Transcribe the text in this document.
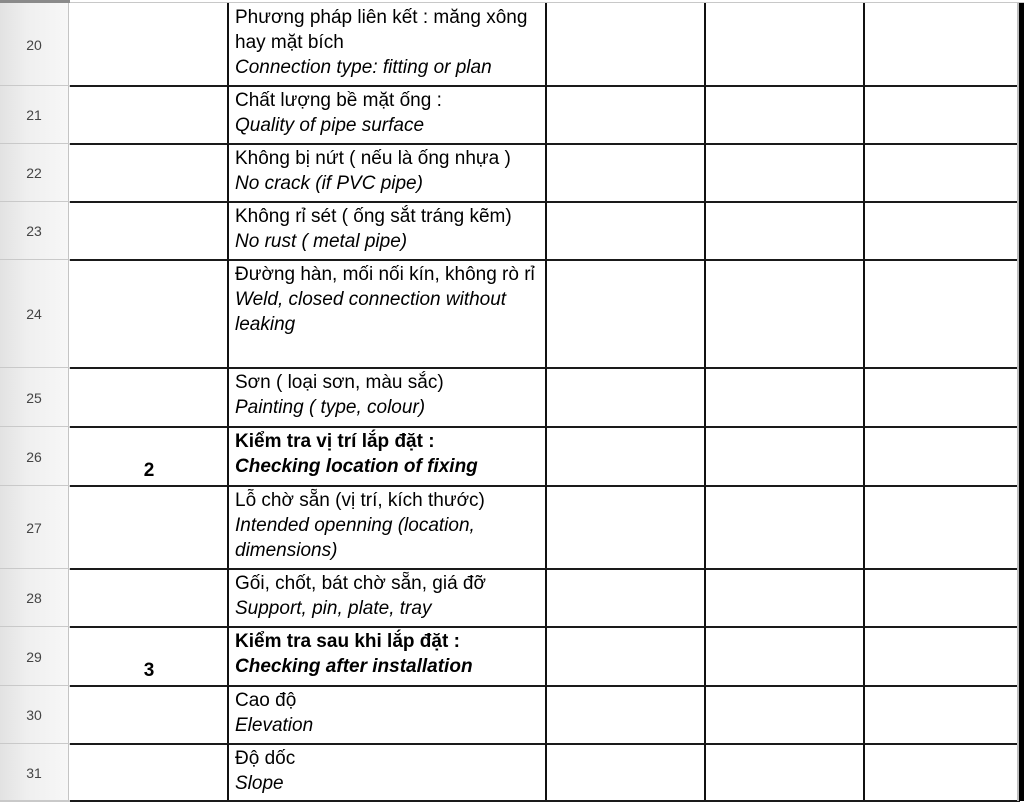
20
Phương pháp liên kết : măng xông hay mặt bích
Connection type: fitting or plan
21
Chất lượng bề mặt ống :
Quality of pipe surface
22
Không bị nứt ( nếu là ống nhựa )
No crack (if PVC pipe)
23
Không rỉ sét ( ống sắt tráng kẽm)
No rust ( metal pipe)
24
Đường hàn, mối nối kín, không rò rỉ
Weld, closed connection without leaking
25
Sơn ( loại sơn, màu sắc)
Painting ( type, colour)
26
2
Kiểm tra vị trí lắp đặt :
Checking location of fixing
27
Lỗ chờ sẵn (vị trí, kích thước)
Intended openning (location, dimensions)
28
Gối, chốt, bát chờ sẵn, giá đỡ
Support, pin, plate, tray
29
3
Kiểm tra sau khi lắp đặt :
Checking after installation
30
Cao độ
Elevation
31
Độ dốc
Slope
